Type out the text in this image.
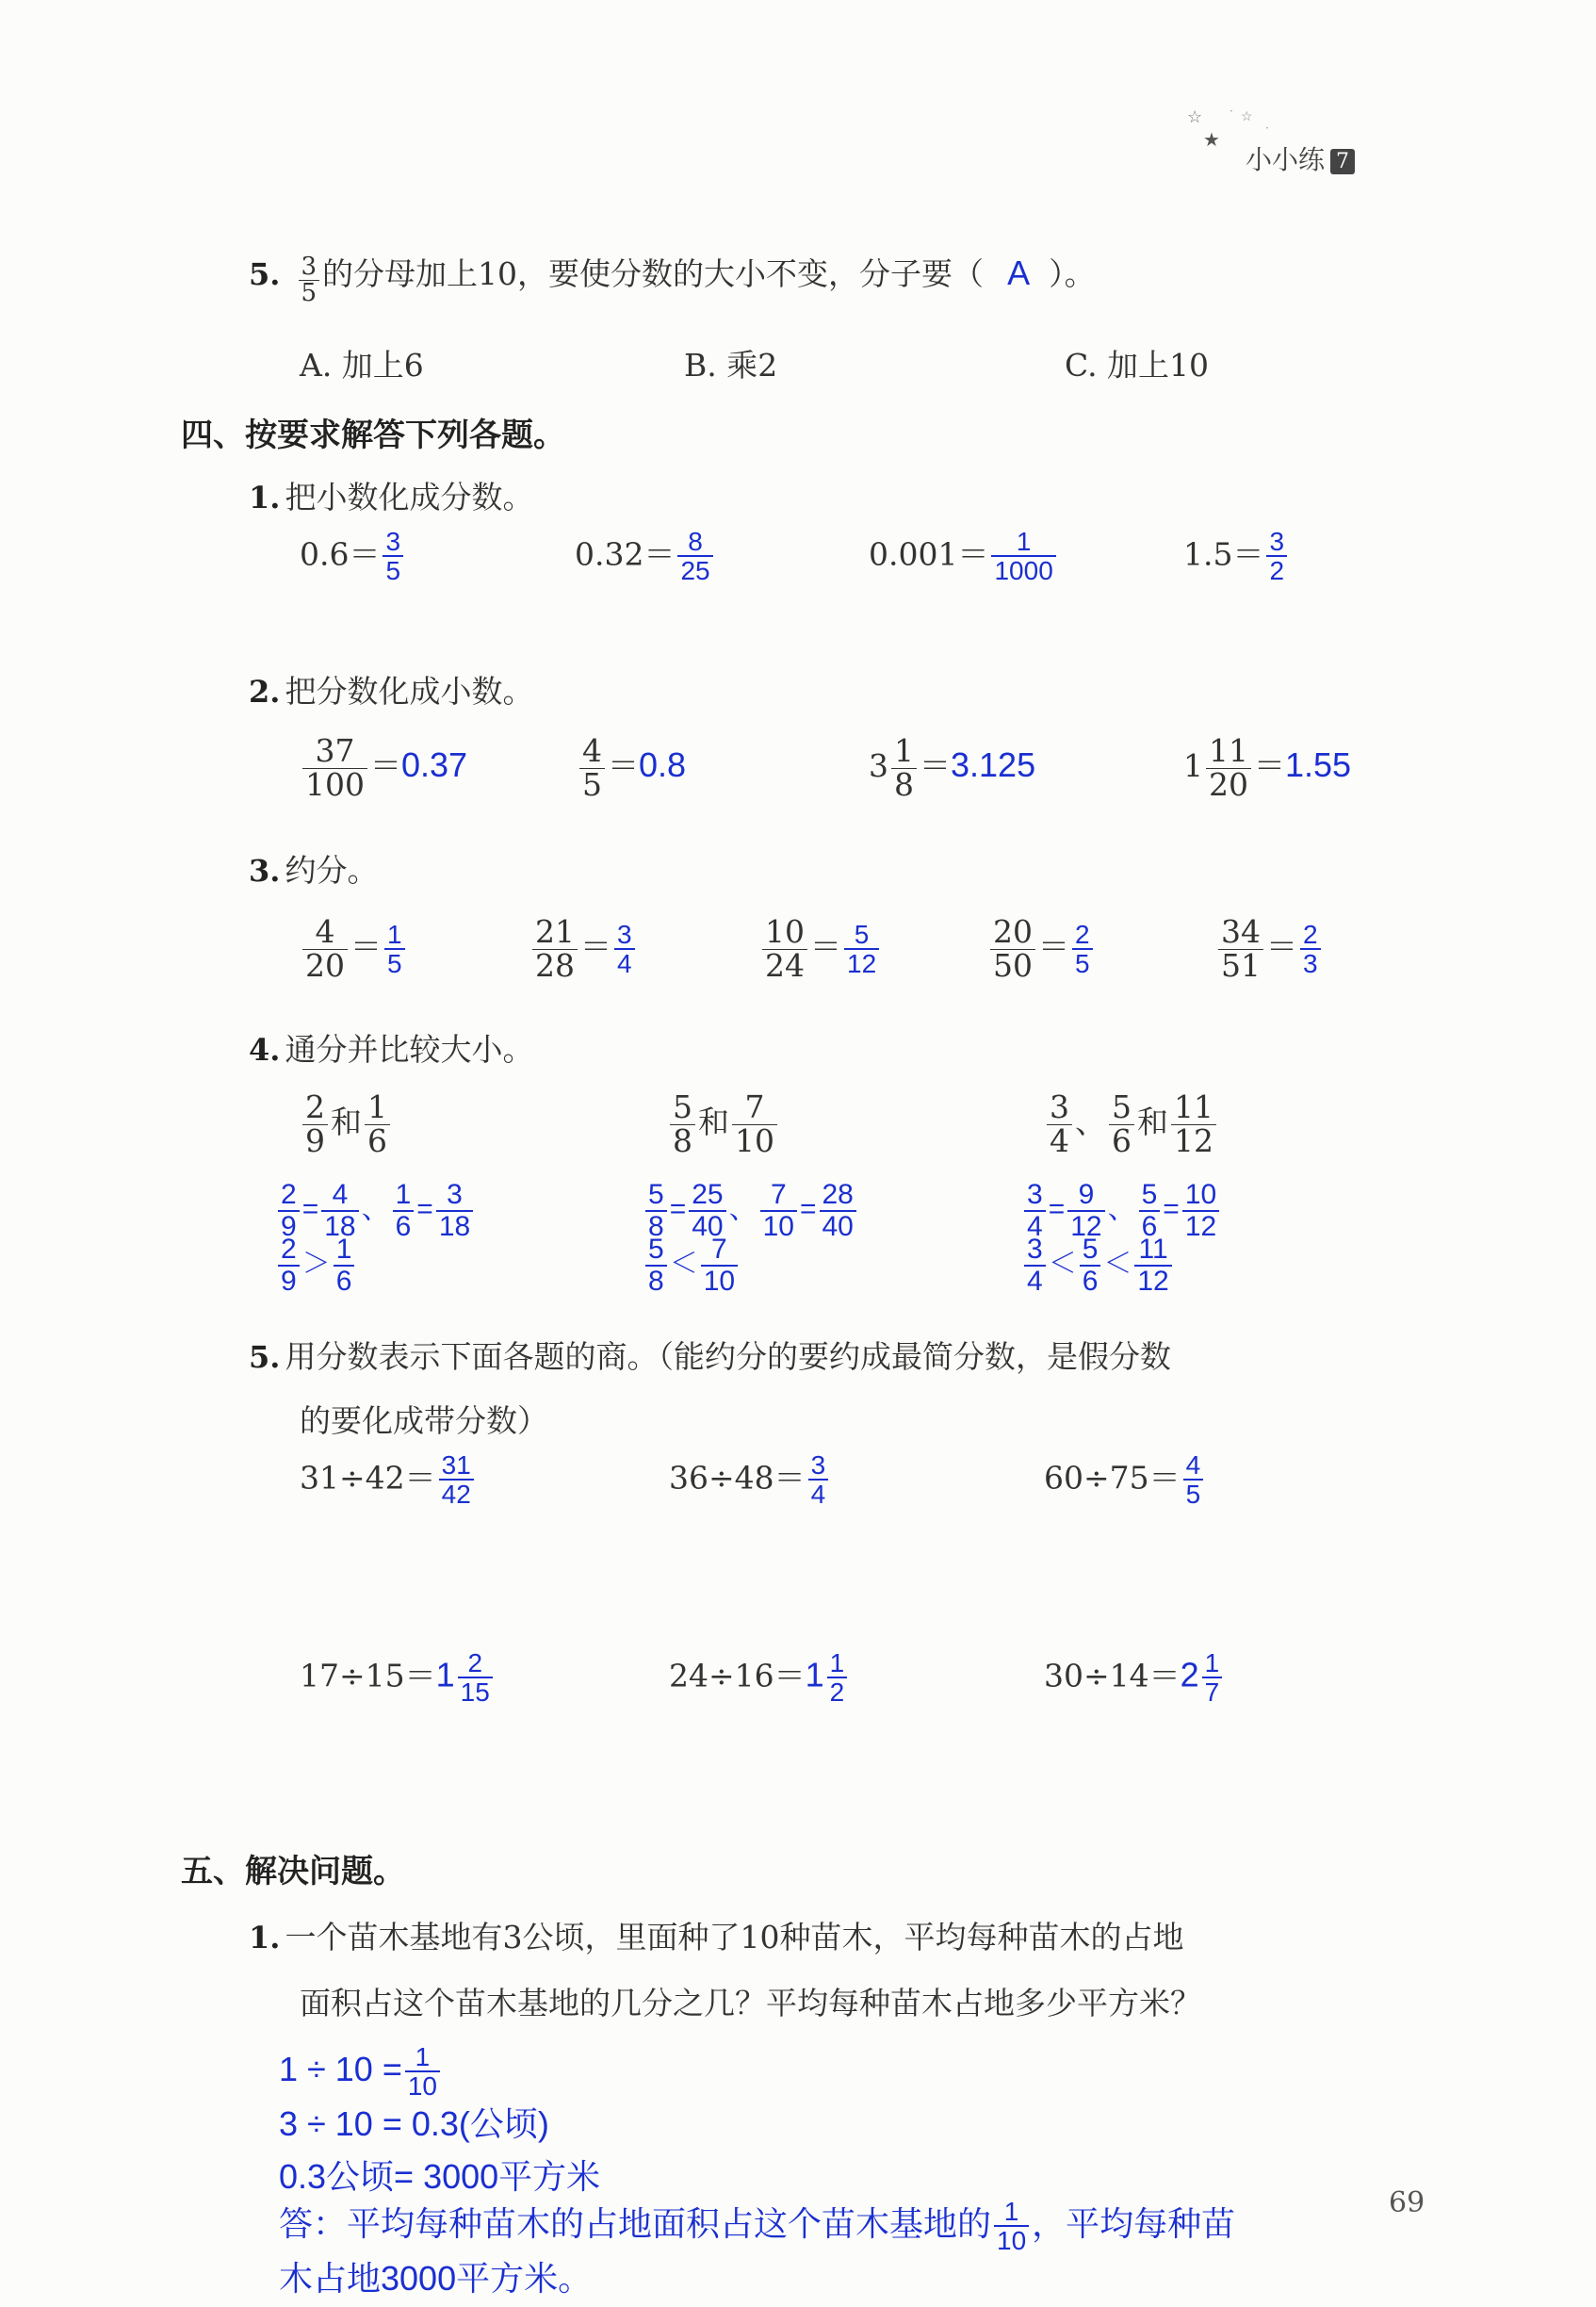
☆ · ☆
★	·
小小练 7
5. $\frac{3}{5}$ 的分母加上10，要使分数的大小不变，分子要（ A ）。
A. 加上6	B. 乘2	C. 加上10
四、按要求解答下列各题。
1. 把小数化成分数。
$0.6= \frac{3}{5}$	$0.32= \frac{8}{25}$	$0.001= \frac{1}{1000}$	$1.5= \frac{3}{2}$
2. 把分数化成小数。
$\frac{37}{100} =0.37$	$\frac{4}{5} =0.8$	$3 \frac{1}{8} =3.125$	$1 \frac{11}{20} =1.55$
3. 约分。
$\frac{4}{20} = \frac{1}{5}$	$\frac{21}{28} = \frac{3}{4}$	$\frac{10}{24} = \frac{5}{12}$	$\frac{20}{50} = \frac{2}{5}$	$\frac{34}{51} = \frac{2}{3}$
4. 通分并比较大小。
$\frac{2}{9}$ 和 $\frac{1}{6}$
$\frac{2}{9} = \frac{4}{18}$ 、 $\frac{1}{6} = \frac{3}{18}$
$\frac{2}{9} > \frac{1}{6}$
$\frac{5}{8}$ 和 $\frac{7}{10}$
$\frac{5}{8} = \frac{25}{40}$ 、 $\frac{7}{10} = \frac{28}{40}$
$\frac{5}{8} < \frac{7}{10}$
$\frac{3}{4}$ 、 $\frac{5}{6}$ 和 $\frac{11}{12}$
$\frac{3}{4} = \frac{9}{12}$ 、 $\frac{5}{6} = \frac{10}{12}$
$\frac{3}{4} < \frac{5}{6} < \frac{11}{12}$
5. 用分数表示下面各题的商。（能约分的要约成最简分数，是假分数
的要化成带分数）
$31\div 42= \frac{31}{42}$	$36\div 48= \frac{3}{4}$	$60\div 75= \frac{4}{5}$
$17\div 15=1 \frac{2}{15}$	$24\div 16=1 \frac{1}{2}$	$30\div 14=2 \frac{1}{7}$
五、解决问题。
1. 一个苗木基地有3公顷，里面种了10种苗木，平均每种苗木的占地
面积占这个苗木基地的几分之几？平均每种苗木占地多少平方米？
$1 \div 10 = \frac{1}{10}$
3 ÷ 10 = 0.3(公顷)
0.3公顷= 3000平方米
答：平均每种苗木的占地面积占这个苗木基地的 $\frac{1}{10}$ ，平均每种苗
木占地3000平方米。
69
